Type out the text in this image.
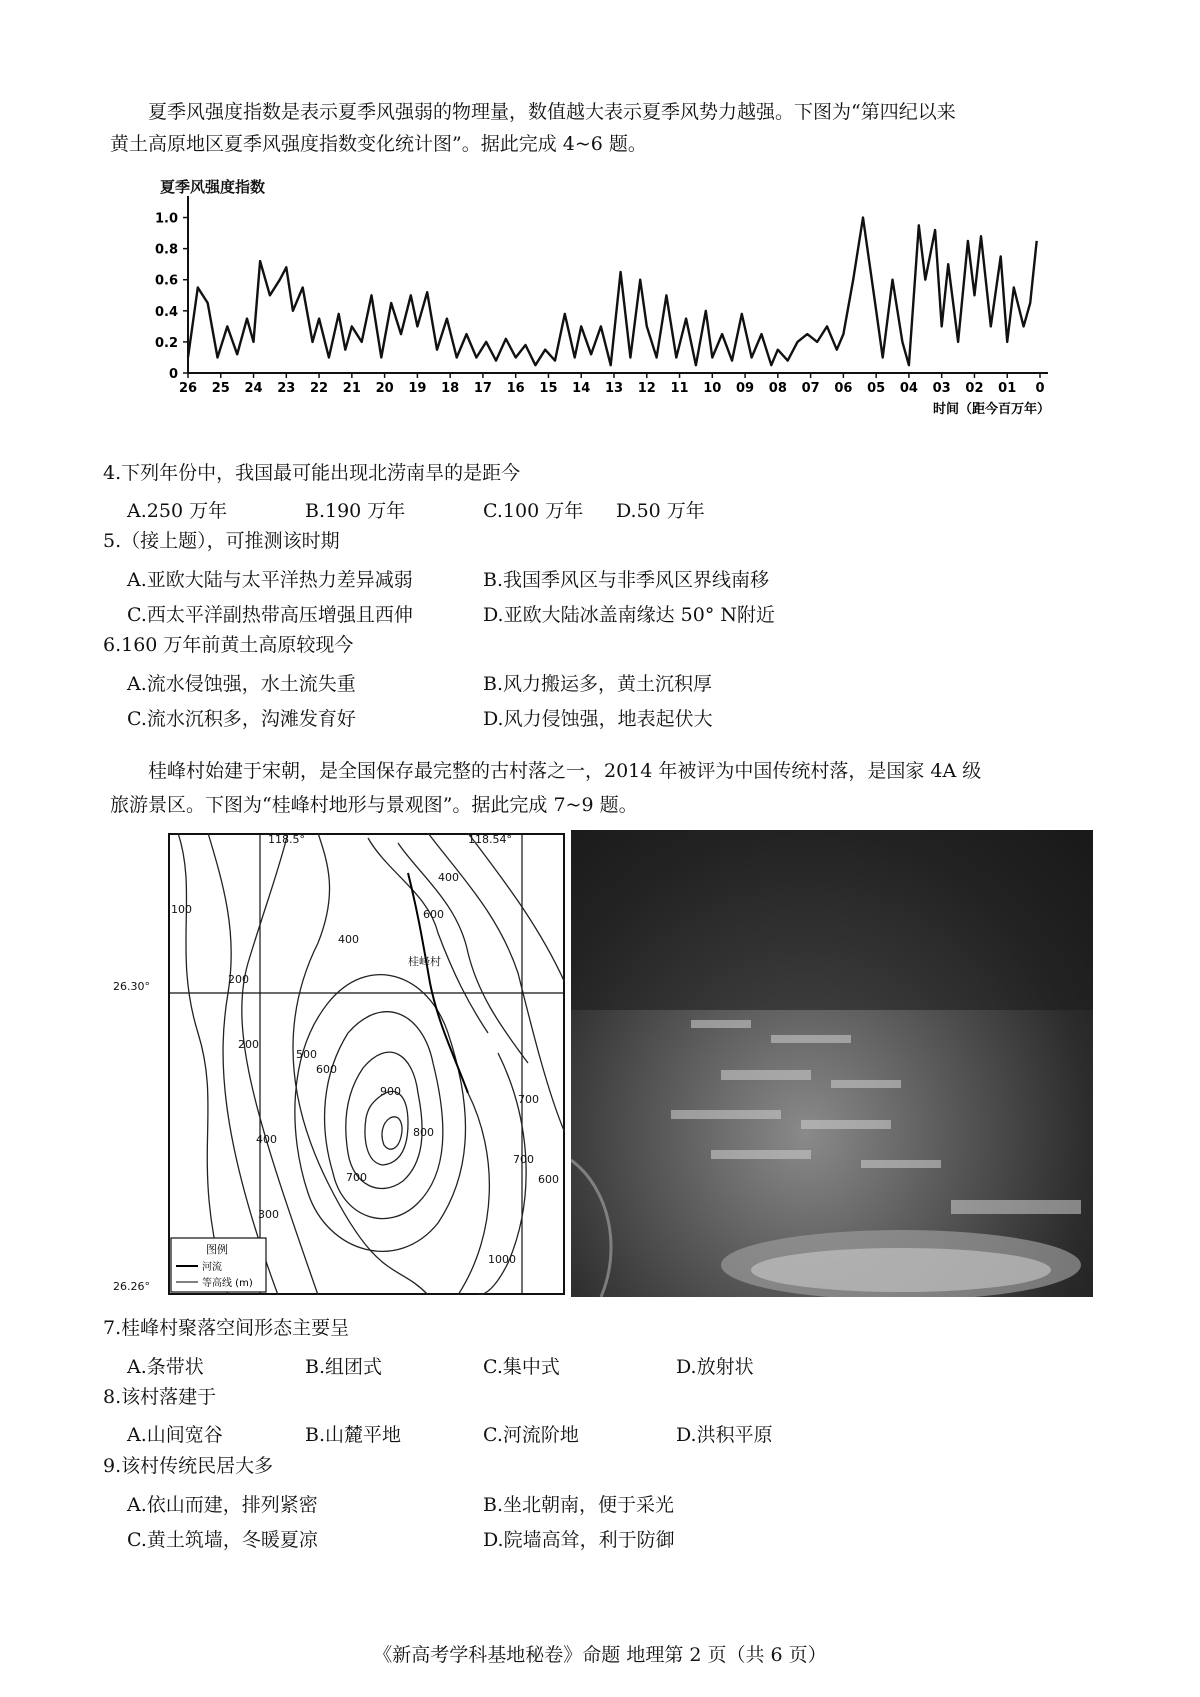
夏季风强度指数是表示夏季风强弱的物理量，数值越大表示夏季风势力越强。下图为“第四纪以来
黄土高原地区夏季风强度指数变化统计图”。据此完成 4~6 题。
夏季风强度指数
0
0.2
0.4
0.6
0.8
1.0
26 25 24 23 22 21 20 19 18 17 16 15 14 13 12 11 10 09 08 07 06 05 04 03 02 01 0
时间（距今百万年）
4.下列年份中，我国最可能出现北涝南旱的是距今
A.250 万年	B.190 万年	C.100 万年 D.50 万年
5.（接上题），可推测该时期
A.亚欧大陆与太平洋热力差异减弱	B.我国季风区与非季风区界线南移
C.西太平洋副热带高压增强且西伸	D.亚欧大陆冰盖南缘达 50° N附近
6.160 万年前黄土高原较现今
A.流水侵蚀强，水土流失重	B.风力搬运多，黄土沉积厚
C.流水沉积多，沟滩发育好	D.风力侵蚀强，地表起伏大
桂峰村始建于宋朝，是全国保存最完整的古村落之一，2014 年被评为中国传统村落，是国家 4A 级
旅游景区。下图为“桂峰村地形与景观图”。据此完成 7~9 题。
118.5°	118.54°
桂峰村
100
200
200
400
600
400
500
600
900
800
700
400
300
700
600
1000
700
图例
河流
等高线 (m)
26.30°
26.26°
7.桂峰村聚落空间形态主要呈
A.条带状	B.组团式	C.集中式	D.放射状
8.该村落建于
A.山间宽谷	B.山麓平地	C.河流阶地	D.洪积平原
9.该村传统民居大多
A.依山而建，排列紧密	B.坐北朝南，便于采光
C.黄土筑墙，冬暖夏凉	D.院墙高耸，利于防御
《新高考学科基地秘卷》命题 地理第 2 页（共 6 页）
